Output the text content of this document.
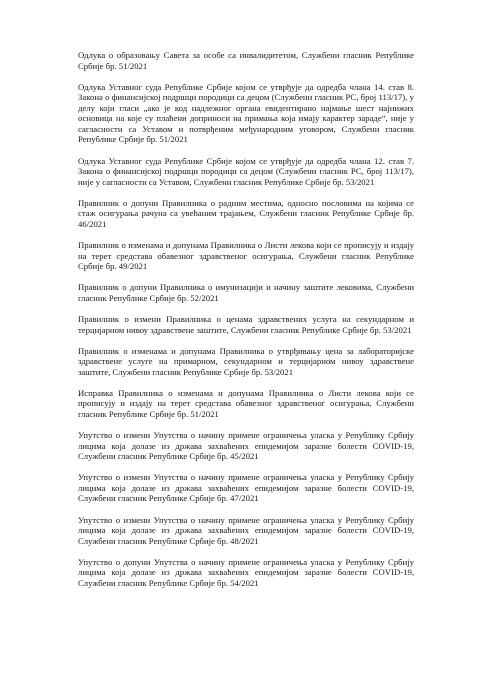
Одлука о образовању Савета за особе са инвалидитетом, Службени гласник Републике Србије бр. 51/2021

Одлука Уставног суда Републике Србије којом се утврђује да одредба члана 14. став 8. Закона о финансијској подршци породици са децом (Службени гласник РС, број 113/17), у делу који гласи „ако је код надлежног органа евидентирано најмање шест најнижих основица на које су плаћени доприноси на примања која имају карактер зараде“, није у сагласности са Уставом и потврђеним међународним уговором, Службени гласник Републике Србије бр. 51/2021

Одлука Уставног суда Републике Србије којом се утврђује да одредба члана 12. став 7. Закона о финансијској подршци породици са децом (Службени гласник РС, број 113/17), није у сагласности са Уставом, Службени гласник Републике Србије бр. 53/2021

Правилник о допуни Правилника о радним местима, односно пословима на којима се стаж осигурања рачуна са увећаним трајањем, Службени гласник Републике Србије бр. 46/2021

Правилник о изменама и допунама Правилника о Листи лекова који се прописују и издају на терет средстава обавезног здравственог осигурања, Службени гласник Републике Србије бр. 49/2021

Правилник о допуни Правилника о имунизацији и начину заштите лековима, Службени гласник Републике Србије бр. 52/2021

Правилник о измени Правилника о ценама здравствених услуга на секундарном и терцијарном нивоу здравствене заштите, Службени гласник Републике Србије бр. 53/2021

Правилник о изменама и допунама Правилника о утврђивању цена за лабораторијске здравствене услуге на примарном, секундарном и терцијарном нивоу здравствене заштите, Службени гласник Републике Србије бр. 53/2021

Исправка Правилника о изменама и допунама Правилника о Листи лекова који се прописују и издају на терет средстава обавезног здравственог осигурања, Службени гласник Републике Србије бр. 51/2021

Упутство о измени Упутства о начину примене ограничења уласка у Републику Србију лицима која долазе из држава захваћених епидемијом заразне болести COVID-19, Службени гласник Републике Србије бр. 45/2021

Упутство о измени Упутства о начину примене ограничења уласка у Републику Србију лицима која долазе из држава захваћених епидемијом заразне болести COVID-19, Службени гласник Републике Србије бр. 47/2021

Упутство о измени Упутства о начину примене ограничења уласка у Републику Србију лицима која долазе из држава захваћених епидемијом заразне болести COVID-19, Службени гласник Републике Србије бр. 48/2021

Упутство о допуни Упутства о начину примене ограничења уласка у Републику Србију лицима која долазе из држава захваћених епидемијом заразне болести COVID-19, Службени гласник Републике Србије бр. 54/2021
